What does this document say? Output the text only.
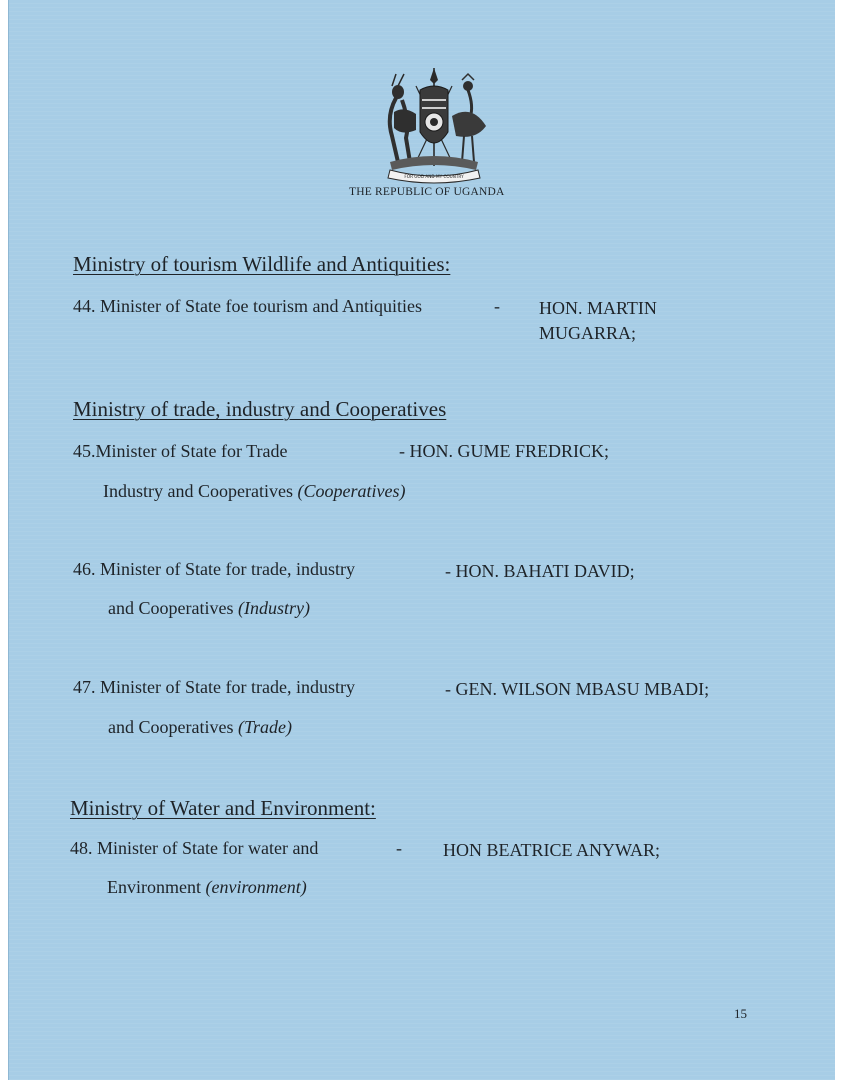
FOR GOD AND MY COUNTRY
THE REPUBLIC OF UGANDA
Ministry of tourism Wildlife and Antiquities:
44. Minister of State foe tourism and Antiquities	- HON. MARTIN
MUGARRA;
Ministry of trade, industry and Cooperatives
45.Minister of State for Trade	- HON. GUME FREDRICK;
Industry and Cooperatives (Cooperatives)
46. Minister of State for trade, industry	- HON. BAHATI DAVID;
and Cooperatives (Industry)
47. Minister of State for trade, industry	- GEN. WILSON MBASU MBADI;
and Cooperatives (Trade)
Ministry of Water and Environment:
48. Minister of State for water and	- HON BEATRICE ANYWAR;
Environment (environment)
15
